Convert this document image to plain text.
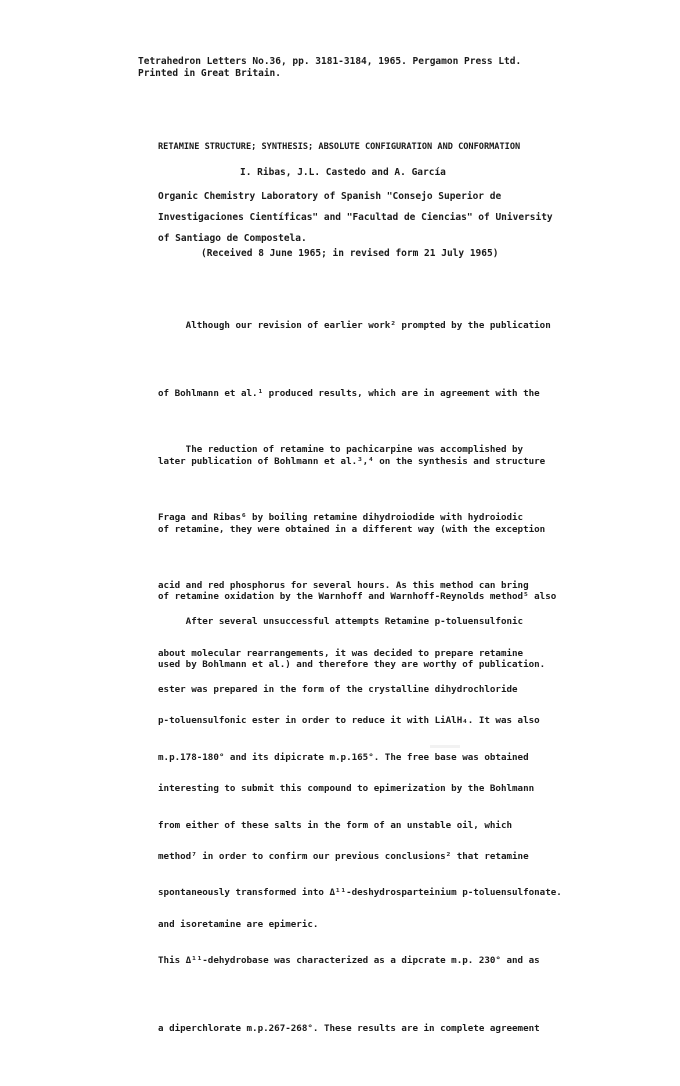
Tetrahedron Letters No.36, pp. 3181-3184, 1965. Pergamon Press Ltd.
Printed in Great Britain.
RETAMINE STRUCTURE; SYNTHESIS; ABSOLUTE CONFIGURATION AND CONFORMATION
I. Ribas, J.L. Castedo and A. García
Organic Chemistry Laboratory of Spanish "Consejo Superior de
Investigaciones Científicas" and "Facultad de Ciencias" of University
of Santiago de Compostela.
(Received 8 June 1965; in revised form 21 July 1965)

Although our revision of earlier work² prompted by the publication

of Bohlmann et al.¹ produced results, which are in agreement with the

later publication of Bohlmann et al.³,⁴ on the synthesis and structure

of retamine, they were obtained in a different way (with the exception

of retamine oxidation by the Warnhoff and Warnhoff-Reynolds method⁵ also

used by Bohlmann et al.) and therefore they are worthy of publication.

The reduction of retamine to pachicarpine was accomplished by

Fraga and Ribas⁶ by boiling retamine dihydroiodide with hydroiodic

acid and red phosphorus for several hours. As this method can bring

about molecular rearrangements, it was decided to prepare retamine

p-toluensulfonic ester in order to reduce it with LiAlH₄. It was also

interesting to submit this compound to epimerization by the Bohlmann

method⁷ in order to confirm our previous conclusions² that retamine

and isoretamine are epimeric.

After several unsuccessful attempts Retamine p-toluensulfonic

ester was prepared in the form of the crystalline dihydrochloride

m.p.178-180° and its dipicrate m.p.165°. The free base was obtained

from either of these salts in the form of an unstable oil, which

spontaneously transformed into Δ¹¹-deshydrosparteinium p-toluensulfonate.

This Δ¹¹-dehydrobase was characterized as a dipcrate m.p. 230° and as

a diperchlorate m.p.267-268°. These results are in complete agreement
